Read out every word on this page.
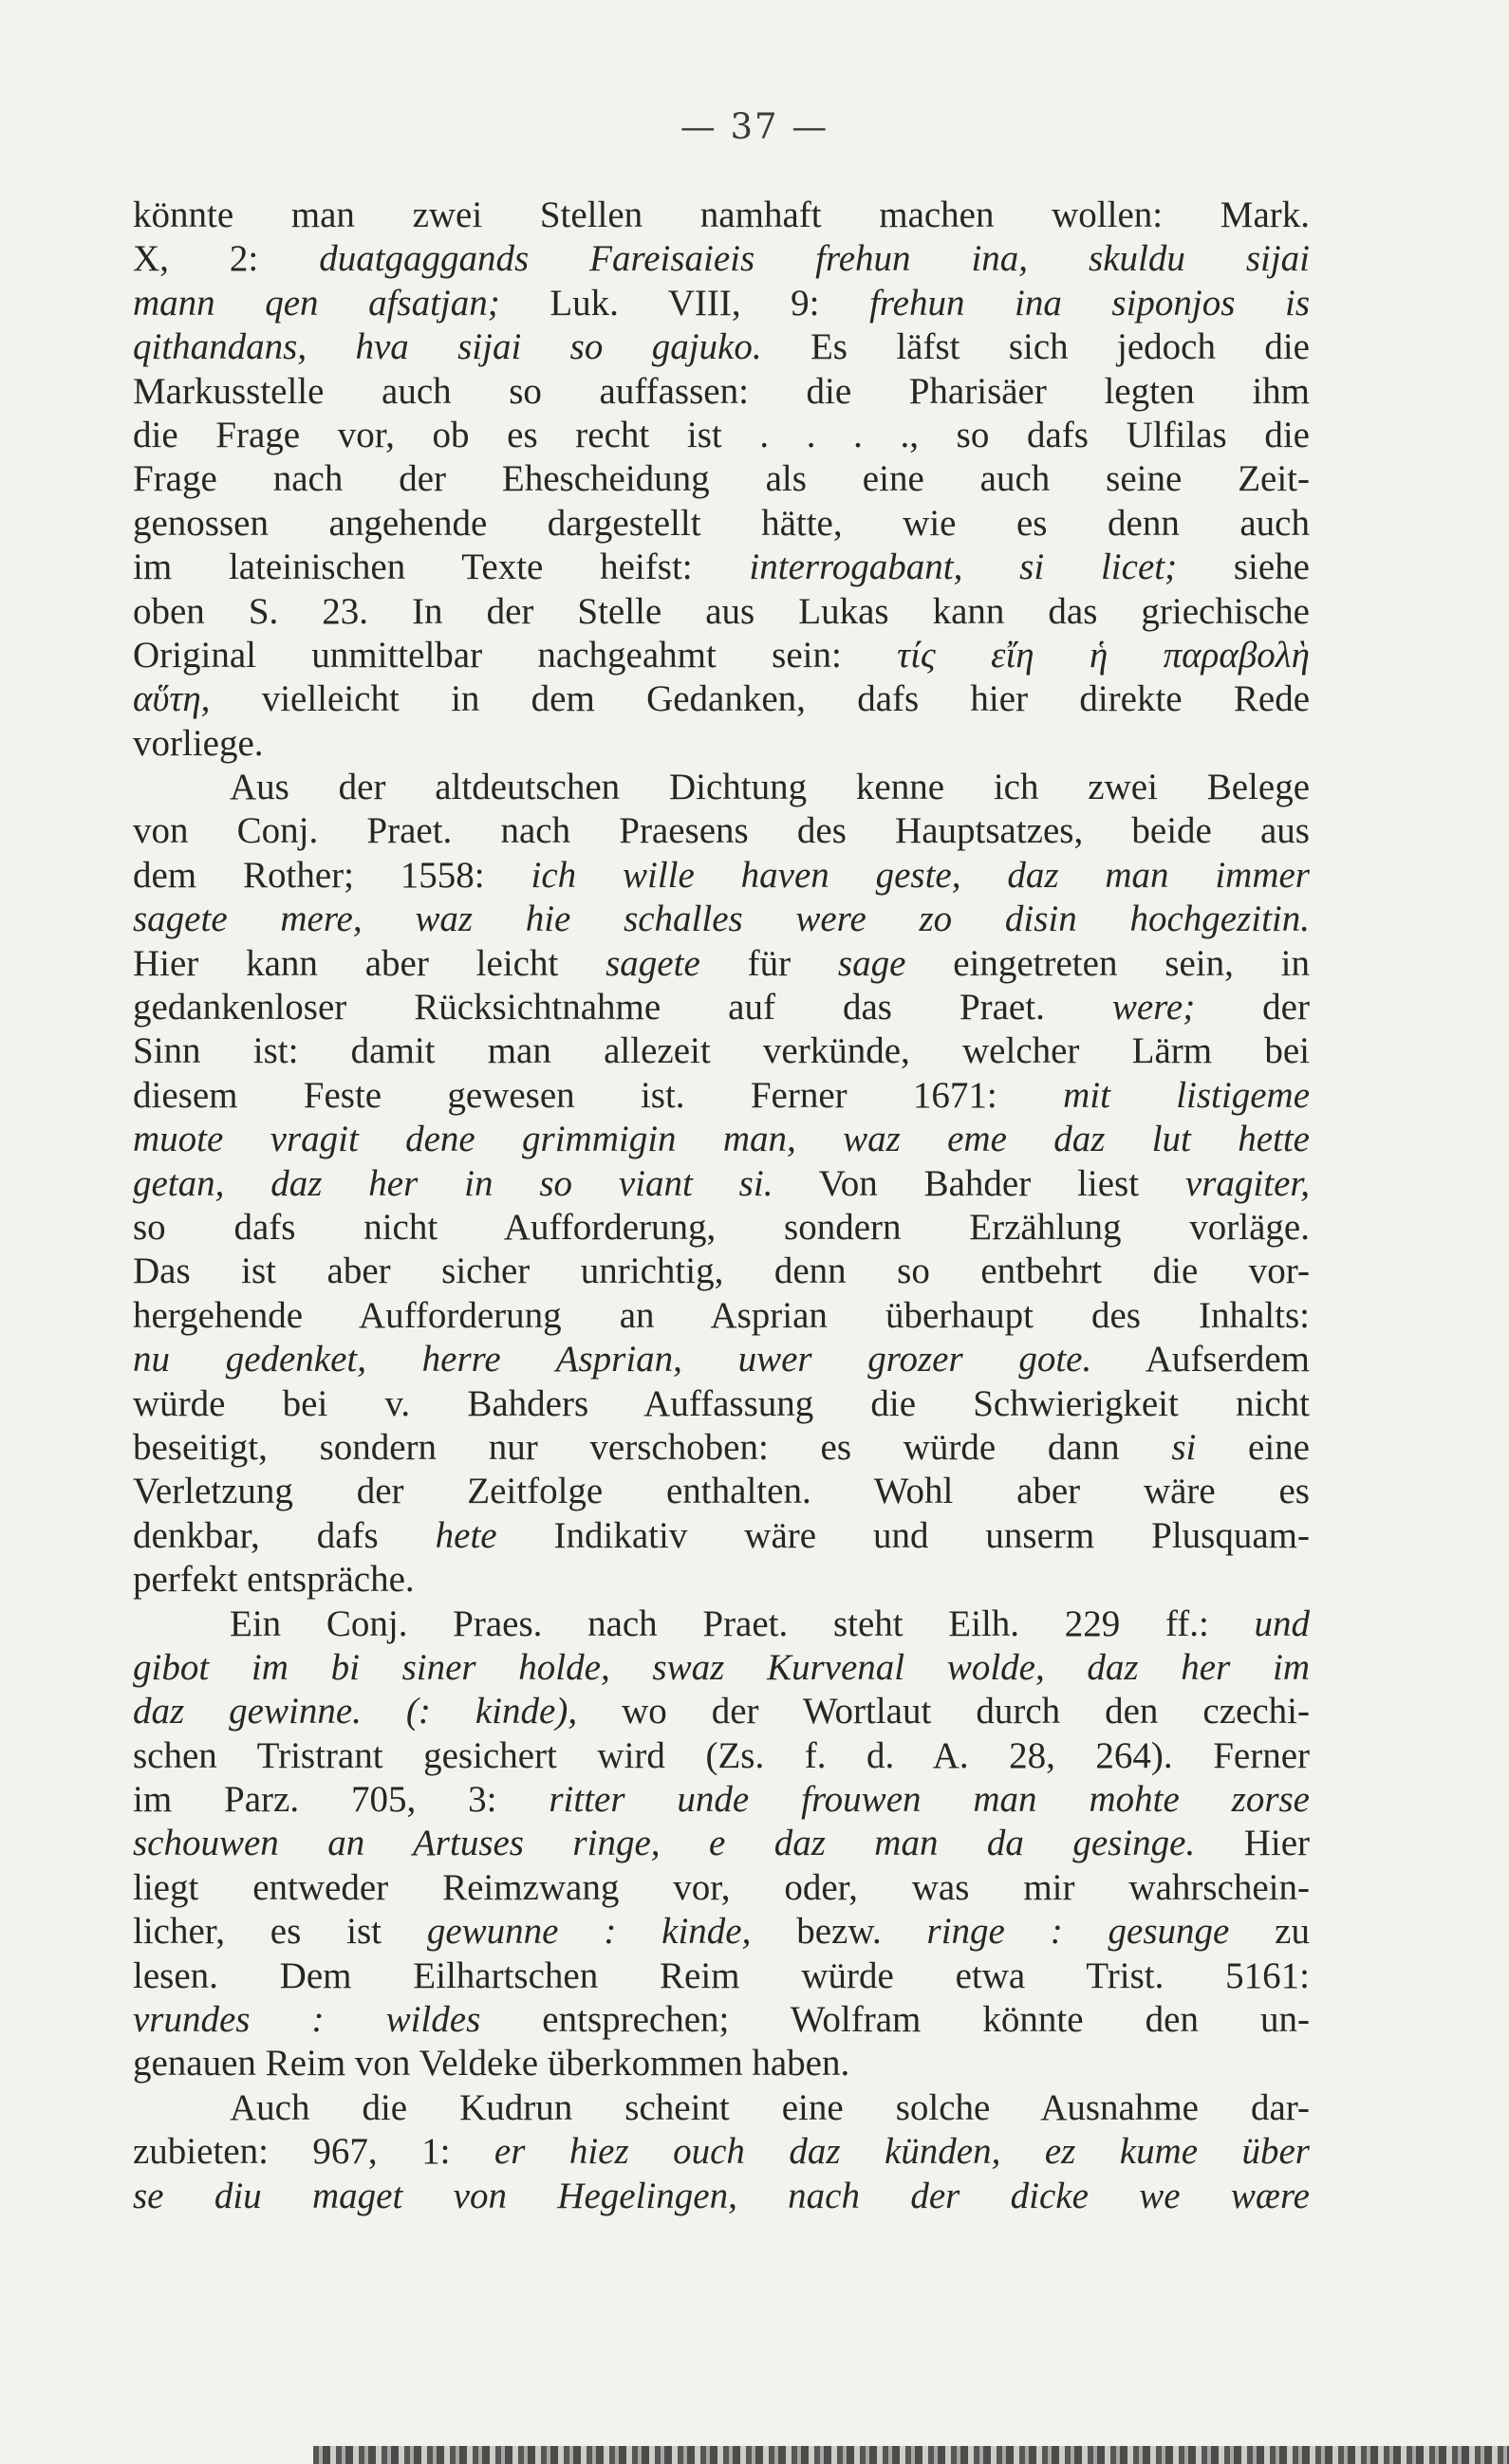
— 37 —
könnte man zwei Stellen namhaft machen wollen: Mark.
X, 2: duatgaggands Fareisaieis frehun ina, skuldu sijai
mann qen afsatjan; Luk. VIII, 9: frehun ina siponjos is
qithandans, hva sijai so gajuko. Es läfst sich jedoch die
Markusstelle auch so auffassen: die Pharisäer legten ihm
die Frage vor, ob es recht ist . . . ., so dafs Ulfilas die
Frage nach der Ehescheidung als eine auch seine Zeit-
genossen angehende dargestellt hätte, wie es denn auch
im lateinischen Texte heifst: interrogabant, si licet; siehe
oben S. 23. In der Stelle aus Lukas kann das griechische
Original unmittelbar nachgeahmt sein: τίς εἴη ἡ παραβολὴ
αὕτη, vielleicht in dem Gedanken, dafs hier direkte Rede
vorliege.
Aus der altdeutschen Dichtung kenne ich zwei Belege
von Conj. Praet. nach Praesens des Hauptsatzes, beide aus
dem Rother; 1558: ich wille haven geste, daz man immer
sagete mere, waz hie schalles were zo disin hochgezitin.
Hier kann aber leicht sagete für sage eingetreten sein, in
gedankenloser Rücksichtnahme auf das Praet. were; der
Sinn ist: damit man allezeit verkünde, welcher Lärm bei
diesem Feste gewesen ist. Ferner 1671: mit listigeme
muote vragit dene grimmigin man, waz eme daz lut hette
getan, daz her in so viant si. Von Bahder liest vragiter,
so dafs nicht Aufforderung, sondern Erzählung vorläge.
Das ist aber sicher unrichtig, denn so entbehrt die vor-
hergehende Aufforderung an Asprian überhaupt des Inhalts:
nu gedenket, herre Asprian, uwer grozer gote. Aufserdem
würde bei v. Bahders Auffassung die Schwierigkeit nicht
beseitigt, sondern nur verschoben: es würde dann si eine
Verletzung der Zeitfolge enthalten. Wohl aber wäre es
denkbar, dafs hete Indikativ wäre und unserm Plusquam-
perfekt entspräche.
Ein Conj. Praes. nach Praet. steht Eilh. 229 ff.: und
gibot im bi siner holde, swaz Kurvenal wolde, daz her im
daz gewinne. (: kinde), wo der Wortlaut durch den czechi-
schen Tristrant gesichert wird (Zs. f. d. A. 28, 264). Ferner
im Parz. 705, 3: ritter unde frouwen man mohte zorse
schouwen an Artuses ringe, e daz man da gesinge. Hier
liegt entweder Reimzwang vor, oder, was mir wahrschein-
licher, es ist gewunne : kinde, bezw. ringe : gesunge zu
lesen. Dem Eilhartschen Reim würde etwa Trist. 5161:
vrundes : wildes entsprechen; Wolfram könnte den un-
genauen Reim von Veldeke überkommen haben.
Auch die Kudrun scheint eine solche Ausnahme dar-
zubieten: 967, 1: er hiez ouch daz künden, ez kume über
se diu maget von Hegelingen, nach der dicke we wære
